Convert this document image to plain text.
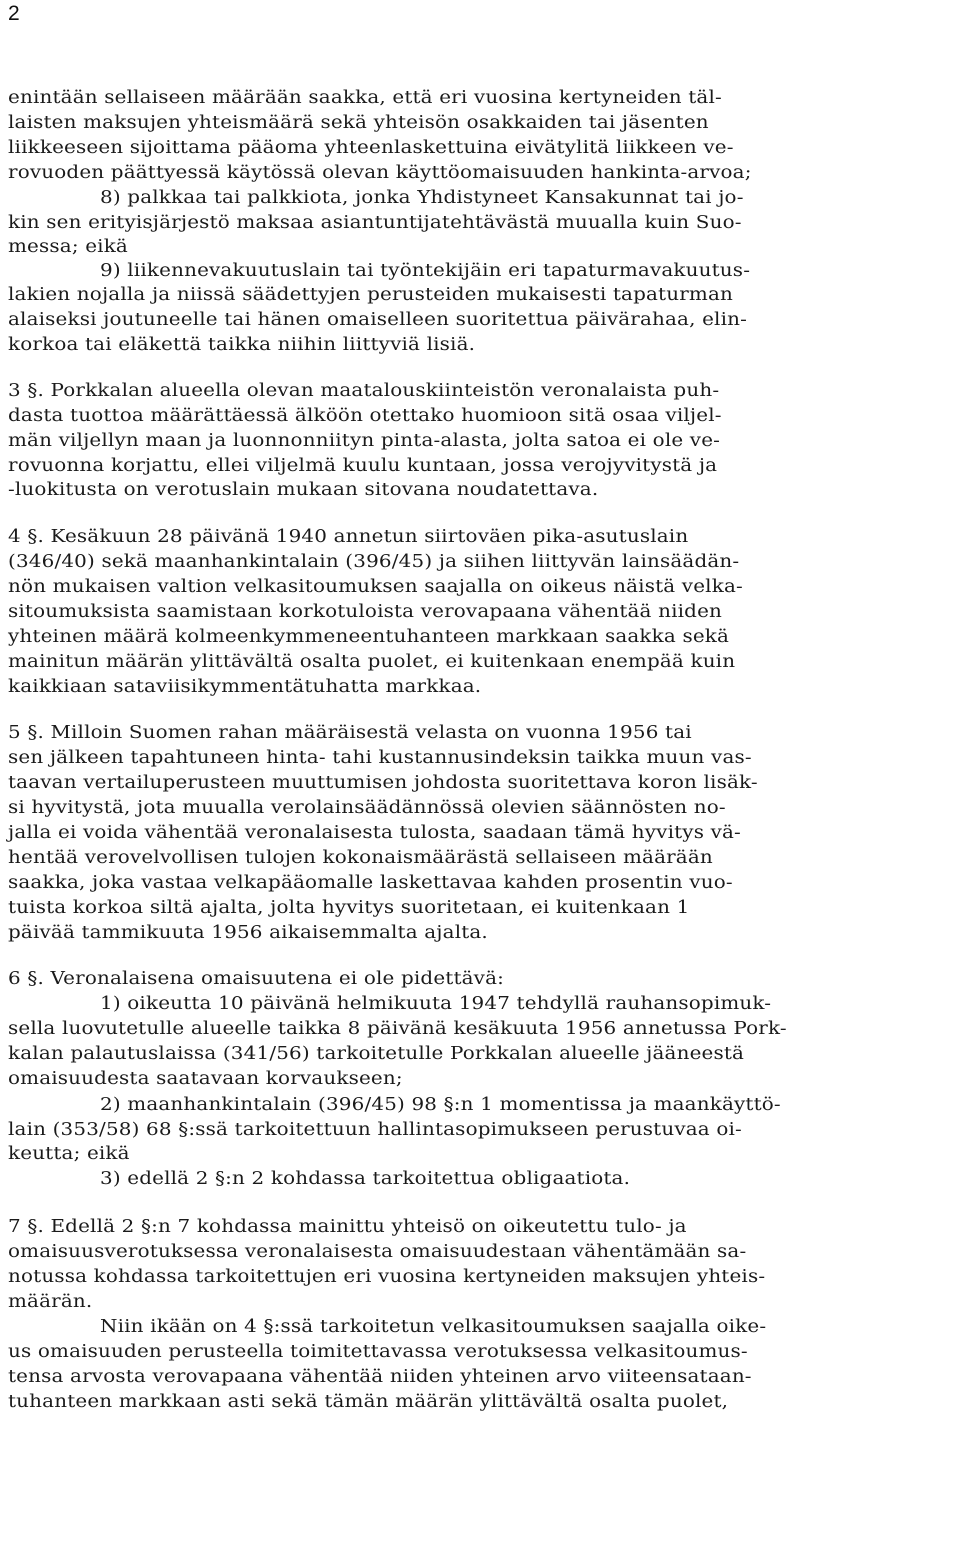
2
enintään sellaiseen määrään saakka, että eri vuosina kertyneiden täl-
laisten maksujen yhteismäärä sekä yhteisön osakkaiden tai jäsenten
liikkeeseen sijoittama pääoma yhteenlaskettuina eivätylitä liikkeen ve-
rovuoden päättyessä käytössä olevan käyttöomaisuuden hankinta-arvoa;
8) palkkaa tai palkkiota, jonka Yhdistyneet Kansakunnat tai jo-
kin sen erityisjärjestö maksaa asiantuntijatehtävästä muualla kuin Suo-
messa; eikä
9) liikennevakuutuslain tai työntekijäin eri tapaturmavakuutus-
lakien nojalla ja niissä säädettyjen perusteiden mukaisesti tapaturman
alaiseksi joutuneelle tai hänen omaiselleen suoritettua päivärahaa, elin-
korkoa tai eläkettä taikka niihin liittyviä lisiä.
3 §. Porkkalan alueella olevan maatalouskiinteistön veronalaista puh-
dasta tuottoa määrättäessä älköön otettako huomioon sitä osaa viljel-
män viljellyn maan ja luonnonniityn pinta-alasta, jolta satoa ei ole ve-
rovuonna korjattu, ellei viljelmä kuulu kuntaan, jossa verojyvitystä ja
-luokitusta on verotuslain mukaan sitovana noudatettava.
4 §. Kesäkuun 28 päivänä 1940 annetun siirtoväen pika-asutuslain
(346/40) sekä maanhankintalain (396/45) ja siihen liittyvän lainsäädän-
nön mukaisen valtion velkasitoumuksen saajalla on oikeus näistä velka-
sitoumuksista saamistaan korkotuloista verovapaana vähentää niiden
yhteinen määrä kolmeenkymmeneentuhanteen markkaan saakka sekä
mainitun määrän ylittävältä osalta puolet, ei kuitenkaan enempää kuin
kaikkiaan sataviisikymmentätuhatta markkaa.
5 §. Milloin Suomen rahan määräisestä velasta on vuonna 1956 tai
sen jälkeen tapahtuneen hinta- tahi kustannusindeksin taikka muun vas-
taavan vertailuperusteen muuttumisen johdosta suoritettava koron lisäk-
si hyvitystä, jota muualla verolainsäädännössä olevien säännösten no-
jalla ei voida vähentää veronalaisesta tulosta, saadaan tämä hyvitys vä-
hentää verovelvollisen tulojen kokonaismäärästä sellaiseen määrään
saakka, joka vastaa velkapääomalle laskettavaa kahden prosentin vuo-
tuista korkoa siltä ajalta, jolta hyvitys suoritetaan, ei kuitenkaan 1
päivää tammikuuta 1956 aikaisemmalta ajalta.
6 §. Veronalaisena omaisuutena ei ole pidettävä:
1) oikeutta 10 päivänä helmikuuta 1947 tehdyllä rauhansopimuk-
sella luovutetulle alueelle taikka 8 päivänä kesäkuuta 1956 annetussa Pork-
kalan palautuslaissa (341/56) tarkoitetulle Porkkalan alueelle jääneestä
omaisuudesta saatavaan korvaukseen;
2) maanhankintalain (396/45) 98 §:n 1 momentissa ja maankäyttö-
lain (353/58) 68 §:ssä tarkoitettuun hallintasopimukseen perustuvaa oi-
keutta; eikä
3) edellä 2 §:n 2 kohdassa tarkoitettua obligaatiota.
7 §. Edellä 2 §:n 7 kohdassa mainittu yhteisö on oikeutettu tulo- ja
omaisuusverotuksessa veronalaisesta omaisuudestaan vähentämään sa-
notussa kohdassa tarkoitettujen eri vuosina kertyneiden maksujen yhteis-
määrän.
Niin ikään on 4 §:ssä tarkoitetun velkasitoumuksen saajalla oike-
us omaisuuden perusteella toimitettavassa verotuksessa velkasitoumus-
tensa arvosta verovapaana vähentää niiden yhteinen arvo viiteensataan-
tuhanteen markkaan asti sekä tämän määrän ylittävältä osalta puolet,
